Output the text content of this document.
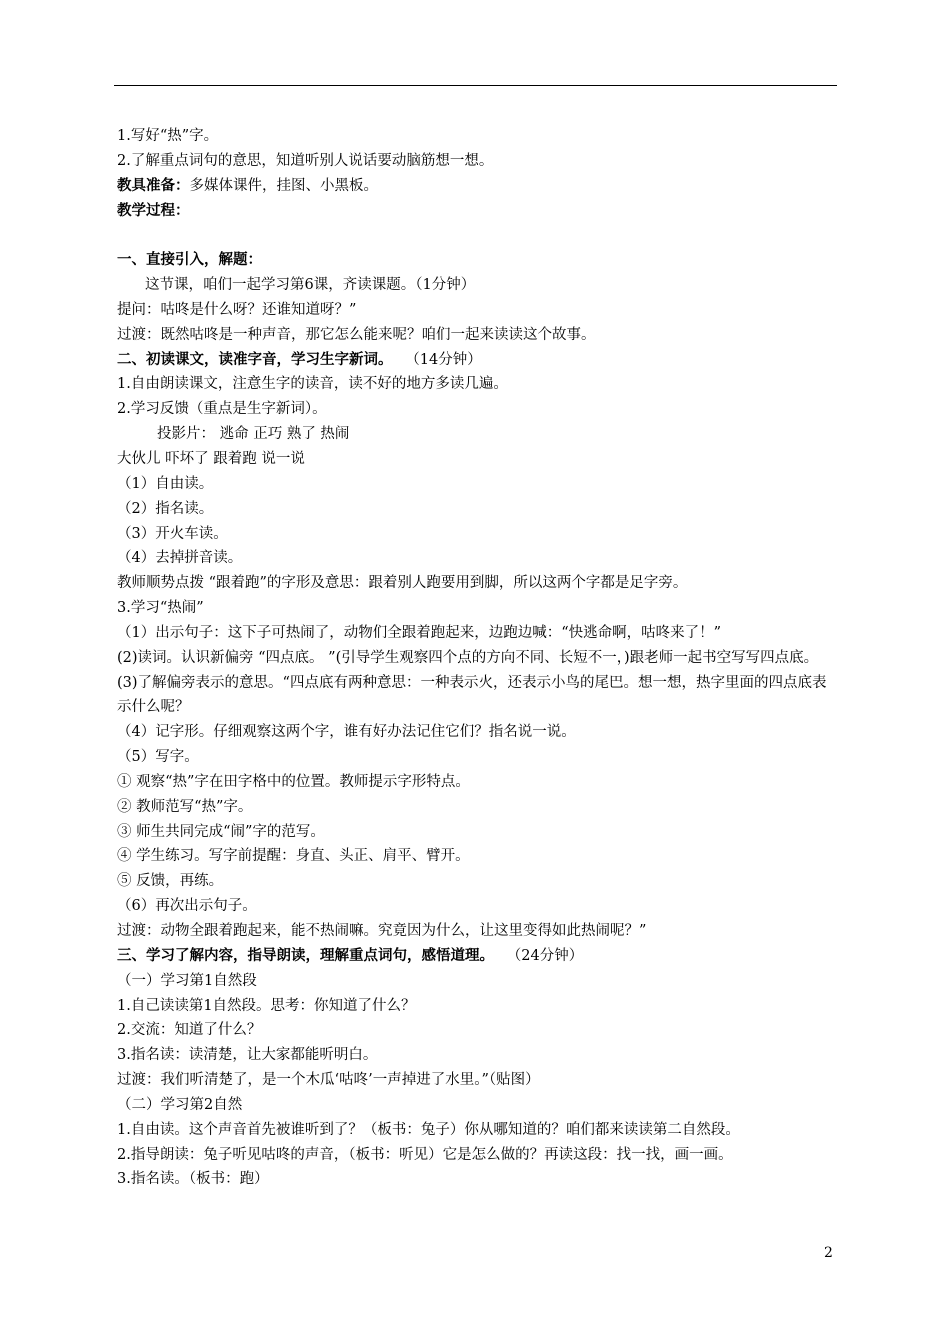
1.写好“热”字。
2.了解重点词句的意思，知道听别人说话要动脑筋想一想。
教具准备：多媒体课件，挂图、小黑板。
教学过程：
一、直接引入，解题：
这节课，咱们一起学习第6课，齐读课题。（1分钟）
提问：咕咚是什么呀？还谁知道呀？”
过渡：既然咕咚是一种声音，那它怎么能来呢？咱们一起来读读这个故事。
二、初读课文，读准字音，学习生字新词。 （14分钟）
1.自由朗读课文，注意生字的读音，读不好的地方多读几遍。
2.学习反馈（重点是生字新词）。
投影片： 逃命 正巧 熟了 热闹
大伙儿 吓坏了 跟着跑 说一说
（1）自由读。
（2）指名读。
（3）开火车读。
（4）去掉拼音读。
教师顺势点拨 “跟着跑”的字形及意思：跟着别人跑要用到脚，所以这两个字都是足字旁。
3.学习“热闹”
（1）出示句子：这下子可热闹了，动物们全跟着跑起来，边跑边喊：“快逃命啊，咕咚来了！”
(2)读词。认识新偏旁 “四点底。 ”(引导学生观察四个点的方向不同、长短不一，)跟老师一起书空写写四点底。
(3)了解偏旁表示的意思。“四点底有两种意思：一种表示火，还表示小鸟的尾巴。想一想，热字里面的四点底表示什么呢？
（4）记字形。仔细观察这两个字，谁有好办法记住它们？指名说一说。
（5）写字。
① 观察“热”字在田字格中的位置。教师提示字形特点。
② 教师范写“热”字。
③ 师生共同完成“闹”字的范写。
④ 学生练习。写字前提醒：身直、头正、肩平、臂开。
⑤ 反馈，再练。
（6）再次出示句子。
过渡：动物全跟着跑起来，能不热闹嘛。究竟因为什么，让这里变得如此热闹呢？”
三、学习了解内容，指导朗读，理解重点词句，感悟道理。 （24分钟）
（一）学习第1自然段
1.自己读读第1自然段。思考：你知道了什么？
2.交流：知道了什么？
3.指名读：读清楚，让大家都能听明白。
过渡：我们听清楚了，是一个木瓜‘咕咚’一声掉进了水里。”（贴图）
（二）学习第2自然
1.自由读。这个声音首先被谁听到了？（板书：兔子）你从哪知道的？咱们都来读读第二自然段。
2.指导朗读：兔子听见咕咚的声音，（板书：听见）它是怎么做的？再读这段：找一找，画一画。
3.指名读。（板书：跑）
2
